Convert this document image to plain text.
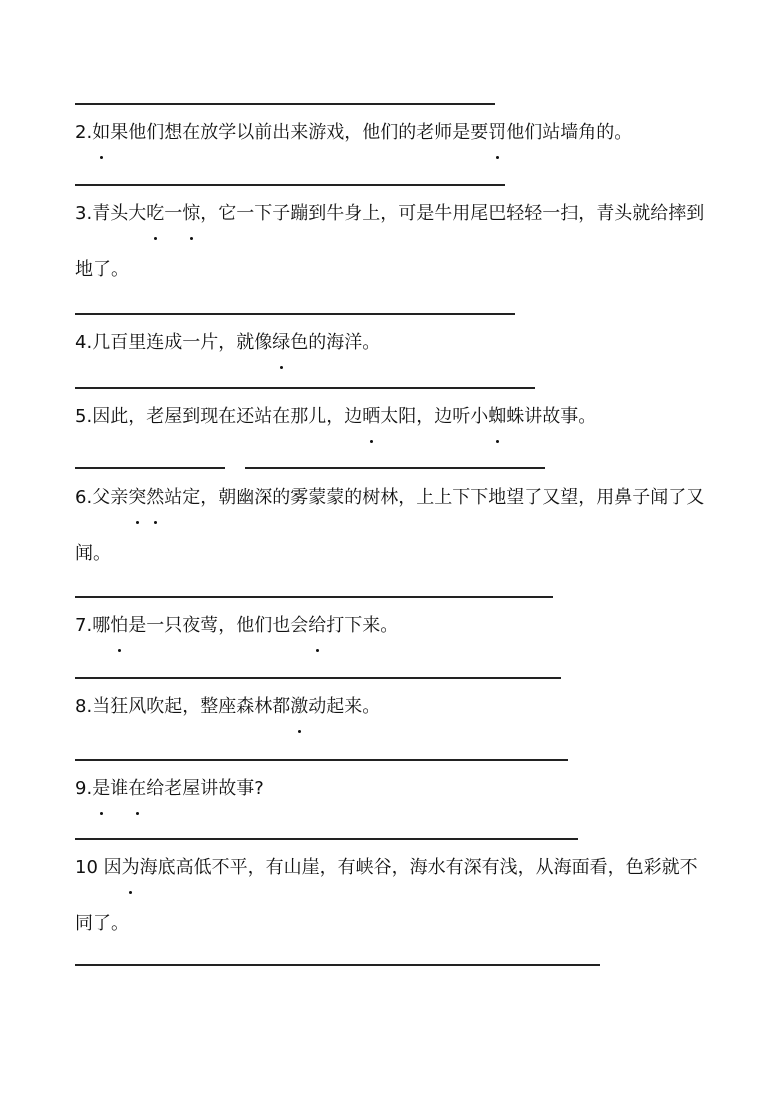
2.如果他们想在放学以前出来游戏，他们的老师是要罚他们站墙角的。
3.青头大吃一惊，它一下子蹦到牛身上，可是牛用尾巴轻轻一扫，青头就给摔到
地了。
4.几百里连成一片，就像绿色的海洋。
5.因此，老屋到现在还站在那儿，边晒太阳，边听小蜘蛛讲故事。
6.父亲突然站定，朝幽深的雾蒙蒙的树林，上上下下地望了又望，用鼻子闻了又
闻。
7.哪怕是一只夜莺，他们也会给打下来。
8.当狂风吹起，整座森林都激动起来。
9.是谁在给老屋讲故事?
10 因为海底高低不平，有山崖，有峡谷，海水有深有浅，从海面看，色彩就不
同了。
